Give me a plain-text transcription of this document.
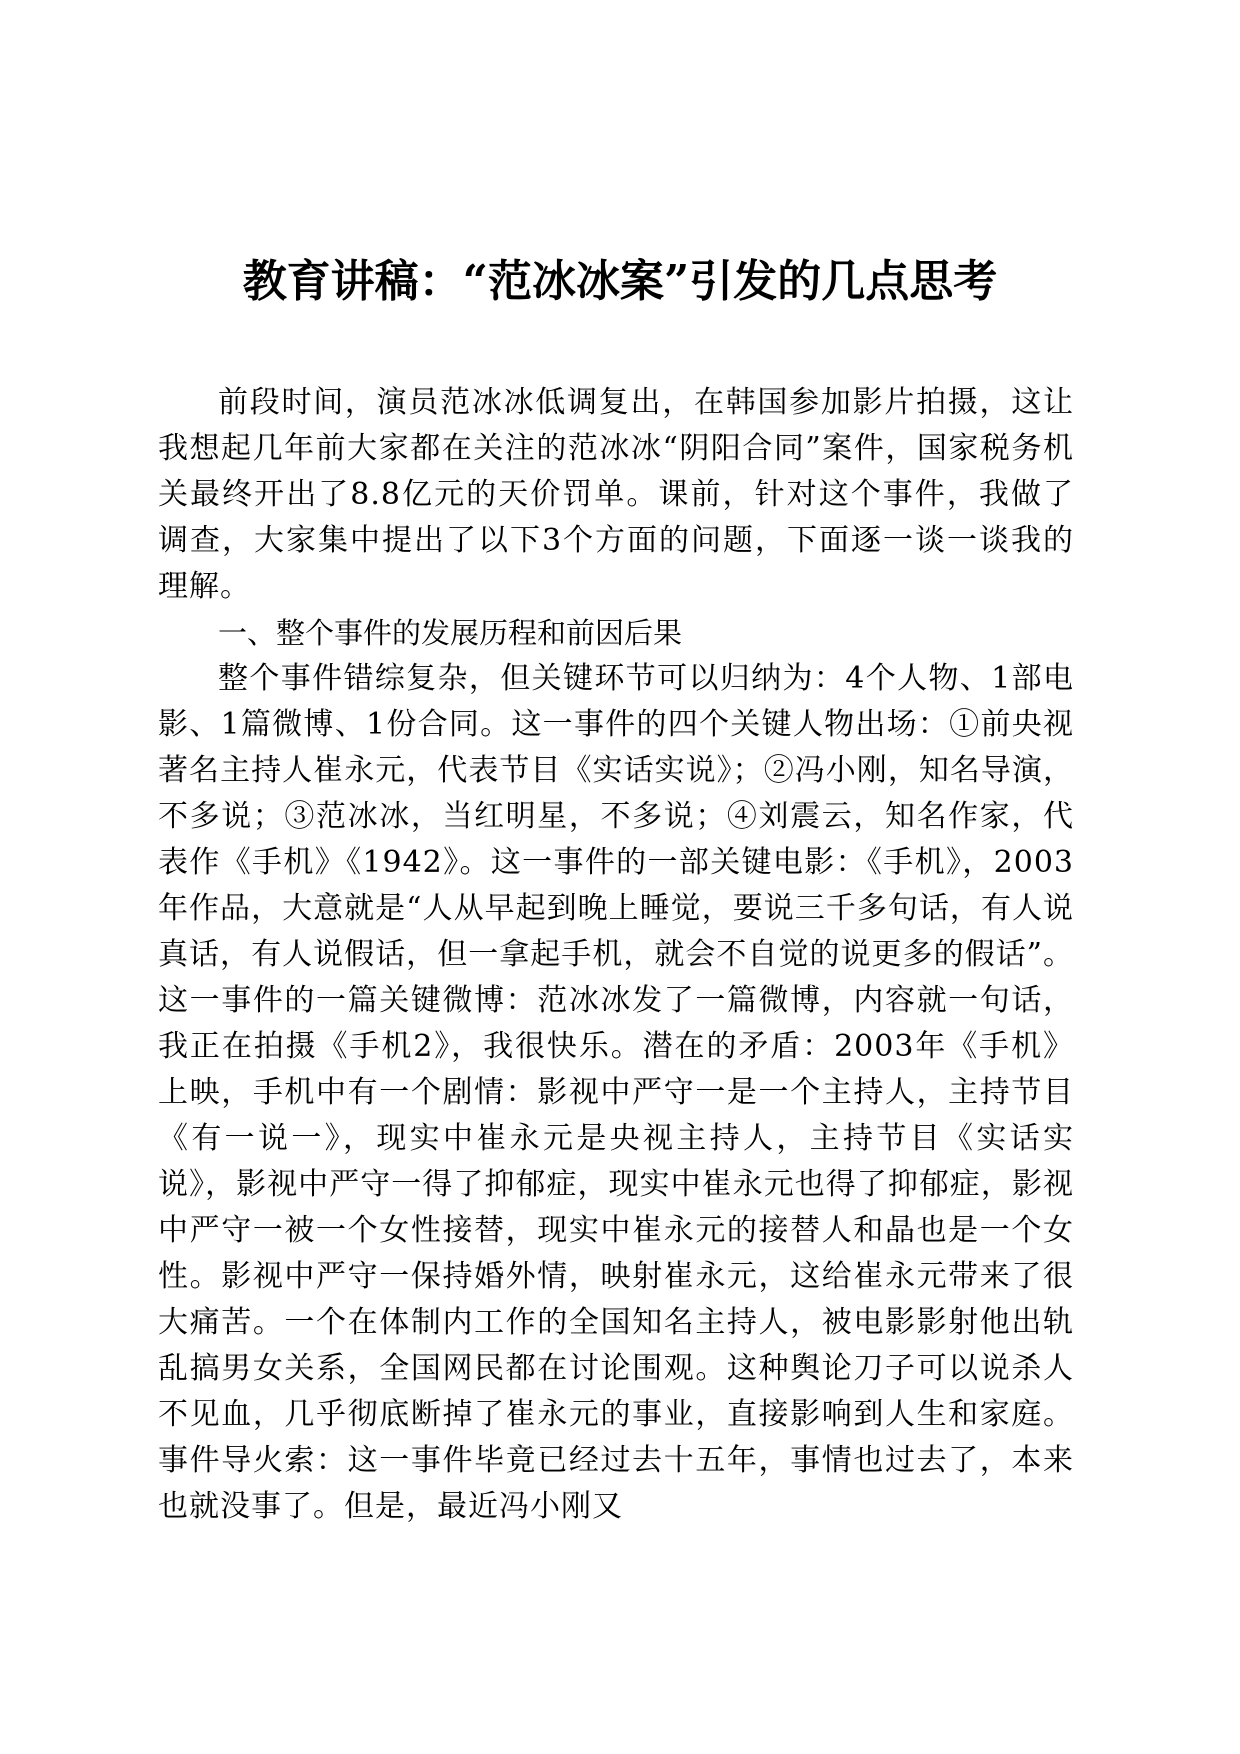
教育讲稿：“范冰冰案”引发的几点思考

前段时间，演员范冰冰低调复出，在韩国参加影片拍摄，这让我想起几年前大家都在关注的范冰冰“阴阳合同”案件，国家税务机关最终开出了8.8亿元的天价罚单。课前，针对这个事件，我做了调查，大家集中提出了以下3个方面的问题，下面逐一谈一谈我的理解。

一、整个事件的发展历程和前因后果

整个事件错综复杂，但关键环节可以归纳为：4个人物、1部电影、1篇微博、1份合同。这一事件的四个关键人物出场：①前央视著名主持人崔永元，代表节目《实话实说》；②冯小刚，知名导演，不多说；③范冰冰，当红明星，不多说；④刘震云，知名作家，代表作《手机》《1942》。这一事件的一部关键电影：《手机》，2003年作品，大意就是“人从早起到晚上睡觉，要说三千多句话，有人说真话，有人说假话，但一拿起手机，就会不自觉的说更多的假话”。这一事件的一篇关键微博：范冰冰发了一篇微博，内容就一句话，我正在拍摄《手机2》，我很快乐。潜在的矛盾：2003年《手机》上映，手机中有一个剧情：影视中严守一是一个主持人，主持节目《有一说一》，现实中崔永元是央视主持人，主持节目《实话实说》，影视中严守一得了抑郁症，现实中崔永元也得了抑郁症，影视中严守一被一个女性接替，现实中崔永元的接替人和晶也是一个女性。影视中严守一保持婚外情，映射崔永元，这给崔永元带来了很大痛苦。一个在体制内工作的全国知名主持人，被电影影射他出轨乱搞男女关系，全国网民都在讨论围观。这种舆论刀子可以说杀人不见血，几乎彻底断掉了崔永元的事业，直接影响到人生和家庭。事件导火索：这一事件毕竟已经过去十五年，事情也过去了，本来也就没事了。但是，最近冯小刚又
